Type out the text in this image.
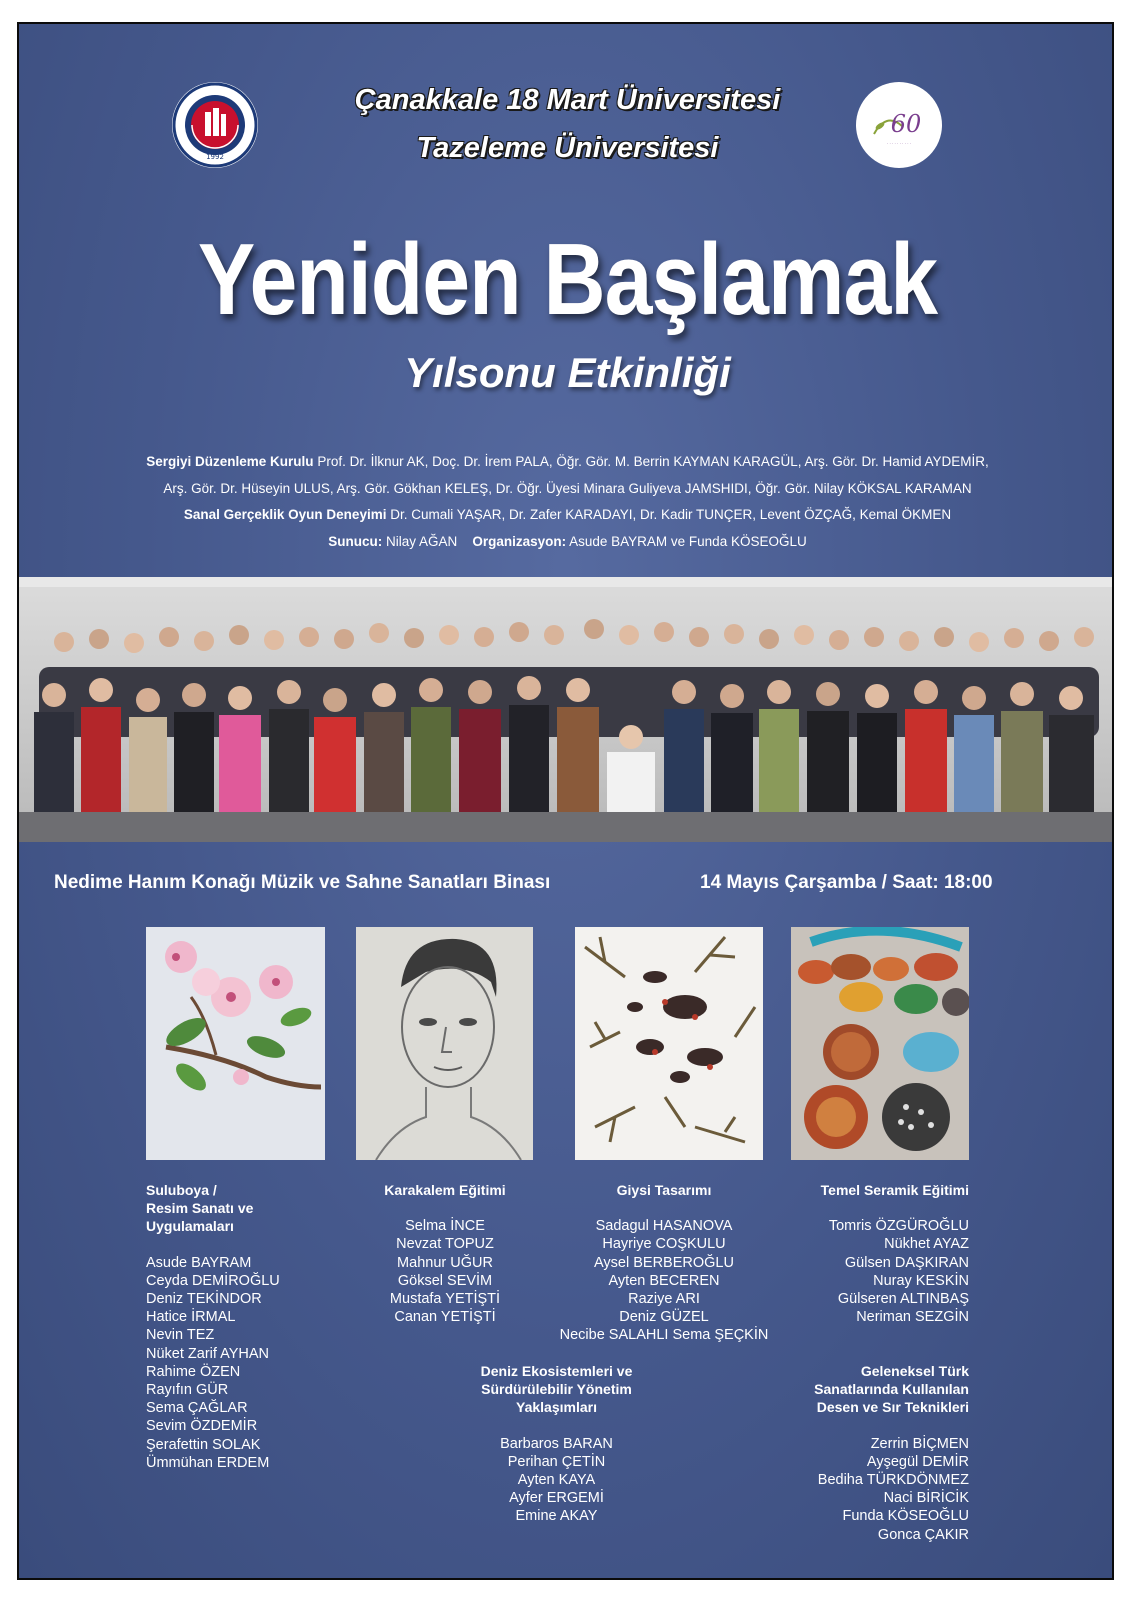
1992
60
. . . . . . . . . .
Çanakkale 18 Mart Üniversitesi
Tazeleme Üniversitesi
Yeniden Başlamak
Yılsonu Etkinliği
Sergiyi Düzenleme Kurulu Prof. Dr. İlknur AK, Doç. Dr. İrem PALA, Öğr. Gör. M. Berrin KAYMAN KARAGÜL, Arş. Gör. Dr. Hamid AYDEMİR,
Arş. Gör. Dr. Hüseyin ULUS, Arş. Gör. Gökhan KELEŞ, Dr. Öğr. Üyesi Minara Guliyeva JAMSHIDI, Öğr. Gör. Nilay KÖKSAL KARAMAN
Sanal Gerçeklik Oyun Deneyimi Dr. Cumali YAŞAR, Dr. Zafer KARADAYI, Dr. Kadir TUNÇER, Levent ÖZÇAĞ, Kemal ÖKMEN
Sunucu: Nilay AĞAN Organizasyon: Asude BAYRAM ve Funda KÖSEOĞLU
Nedime Hanım Konağı Müzik ve Sahne Sanatları Binası	14 Mayıs Çarşamba / Saat: 18:00
Suluboya /
Resim Sanatı ve
Uygulamaları
Asude BAYRAM
Ceyda DEMİROĞLU
Deniz TEKİNDOR
Hatice İRMAL
Nevin TEZ
Nüket Zarif AYHAN
Rahime ÖZEN
Rayıfın GÜR
Sema ÇAĞLAR
Sevim ÖZDEMİR
Şerafettin SOLAK
Ümmühan ERDEM
Karakalem Eğitimi
Selma İNCE
Nevzat TOPUZ
Mahnur UĞUR
Göksel SEVİM
Mustafa YETİŞTİ
Canan YETİŞTİ
Giysi Tasarımı
Sadagul HASANOVA
Hayriye COŞKULU
Aysel BERBEROĞLU
Ayten BECEREN
Raziye ARI
Deniz GÜZEL
Necibe SALAHLI Sema ŞEÇKİN
Temel Seramik Eğitimi
Tomris ÖZGÜROĞLU
Nükhet AYAZ
Gülsen DAŞKIRAN
Nuray KESKİN
Gülseren ALTINBAŞ
Neriman SEZGİN
Deniz Ekosistemleri ve
Sürdürülebilir Yönetim
Yaklaşımları
Barbaros BARAN
Perihan ÇETİN
Ayten KAYA
Ayfer ERGEMİ
Emine AKAY
Geleneksel Türk
Sanatlarında Kullanılan
Desen ve Sır Teknikleri
Zerrin BİÇMEN
Ayşegül DEMİR
Bediha TÜRKDÖNMEZ
Naci BİRİCİK
Funda KÖSEOĞLU
Gonca ÇAKIR
